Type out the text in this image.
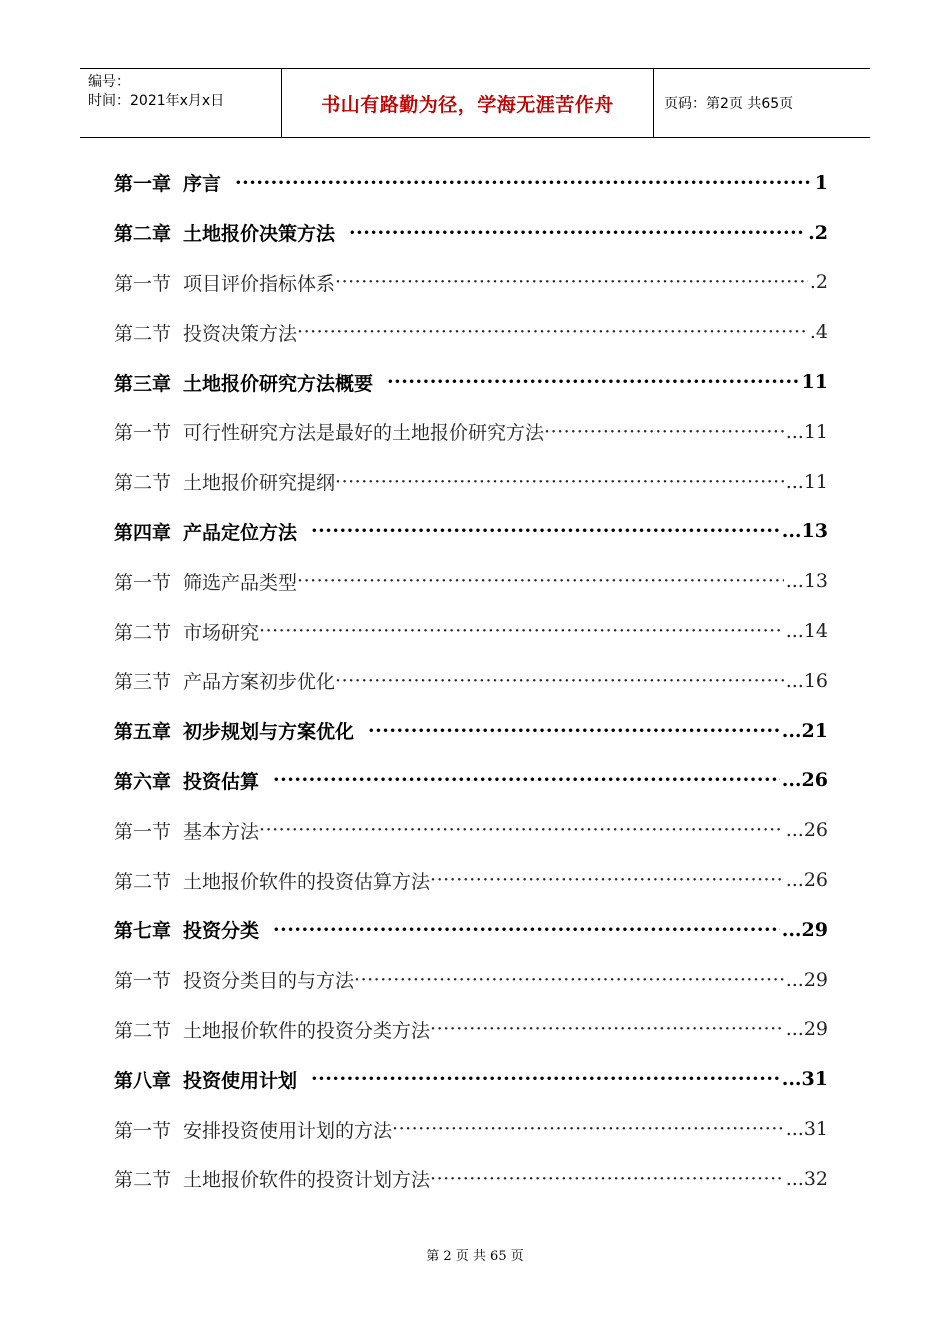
编号：
时间：2021年x月x日	书山有路勤为径，学海无涯苦作舟	页码：第2页 共65页
第一章 序言 ·····	1
第二章 土地报价决策方法 ·····	.2
第一节 项目评价指标体系 ·····	.2
第二节 投资决策方法 ·····	.4
第三章 土地报价研究方法概要 ·····	11
第一节 可行性研究方法是最好的土地报价研究方法 ·····	...11
第二节 土地报价研究提纲 ·····	...11
第四章 产品定位方法 ·····	...13
第一节 筛选产品类型 ·····	...13
第二节 市场研究 ·····	...14
第三节 产品方案初步优化 ·····	...16
第五章 初步规划与方案优化 ·····	...21
第六章 投资估算 ·····	...26
第一节 基本方法 ·····	...26
第二节 土地报价软件的投资估算方法 ·····	...26
第七章 投资分类 ·····	...29
第一节 投资分类目的与方法 ·····	...29
第二节 土地报价软件的投资分类方法 ·····	...29
第八章 投资使用计划 ·····	...31
第一节 安排投资使用计划的方法 ·····	...31
第二节 土地报价软件的投资计划方法 ·····	...32
第 2 页 共 65 页
